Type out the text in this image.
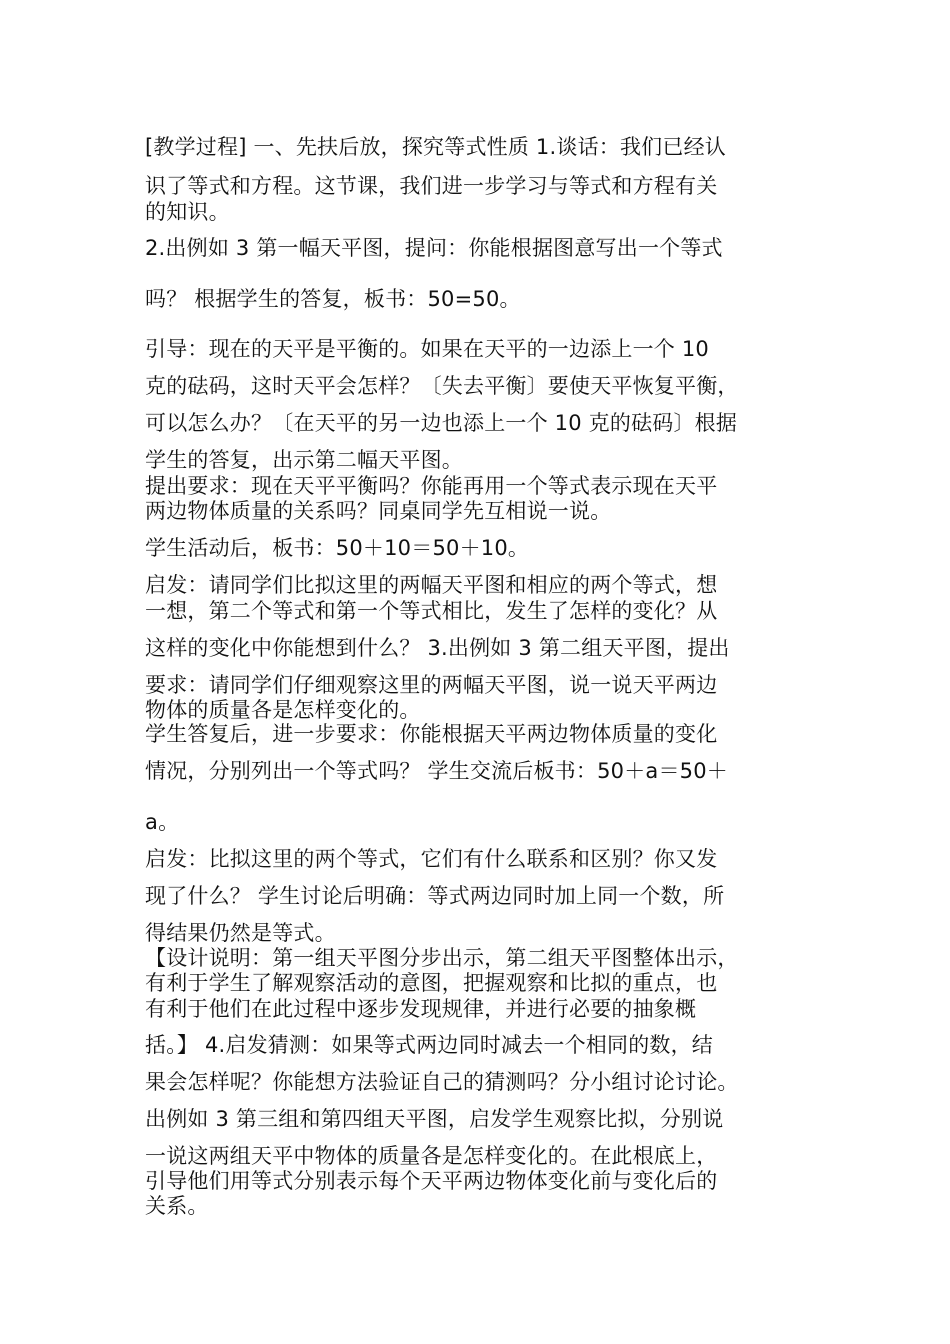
[教学过程] 一、先扶后放，探究等式性质 1.谈话：我们已经认
识了等式和方程。这节课，我们进一步学习与等式和方程有关
的知识。
2.出例如 3 第一幅天平图，提问：你能根据图意写出一个等式
吗？ 根据学生的答复，板书：50=50。
引导：现在的天平是平衡的。如果在天平的一边添上一个 10
克的砝码，这时天平会怎样？〔失去平衡〕要使天平恢复平衡，
可以怎么办？〔在天平的另一边也添上一个 10 克的砝码〕根据
学生的答复，出示第二幅天平图。
提出要求：现在天平平衡吗？你能再用一个等式表示现在天平
两边物体质量的关系吗？同桌同学先互相说一说。
学生活动后，板书：50＋10＝50＋10。
启发：请同学们比拟这里的两幅天平图和相应的两个等式，想
一想，第二个等式和第一个等式相比，发生了怎样的变化？从
这样的变化中你能想到什么？ 3.出例如 3 第二组天平图，提出
要求：请同学们仔细观察这里的两幅天平图，说一说天平两边
物体的质量各是怎样变化的。
学生答复后，进一步要求：你能根据天平两边物体质量的变化
情况，分别列出一个等式吗？ 学生交流后板书：50＋a＝50＋
a。
启发：比拟这里的两个等式，它们有什么联系和区别？你又发
现了什么？ 学生讨论后明确：等式两边同时加上同一个数，所
得结果仍然是等式。
【设计说明：第一组天平图分步出示，第二组天平图整体出示，
有利于学生了解观察活动的意图，把握观察和比拟的重点，也
有利于他们在此过程中逐步发现规律，并进行必要的抽象概
括。】 4.启发猜测：如果等式两边同时减去一个相同的数，结
果会怎样呢？你能想方法验证自己的猜测吗？分小组讨论讨论。
出例如 3 第三组和第四组天平图，启发学生观察比拟，分别说
一说这两组天平中物体的质量各是怎样变化的。在此根底上，
引导他们用等式分别表示每个天平两边物体变化前与变化后的
关系。
